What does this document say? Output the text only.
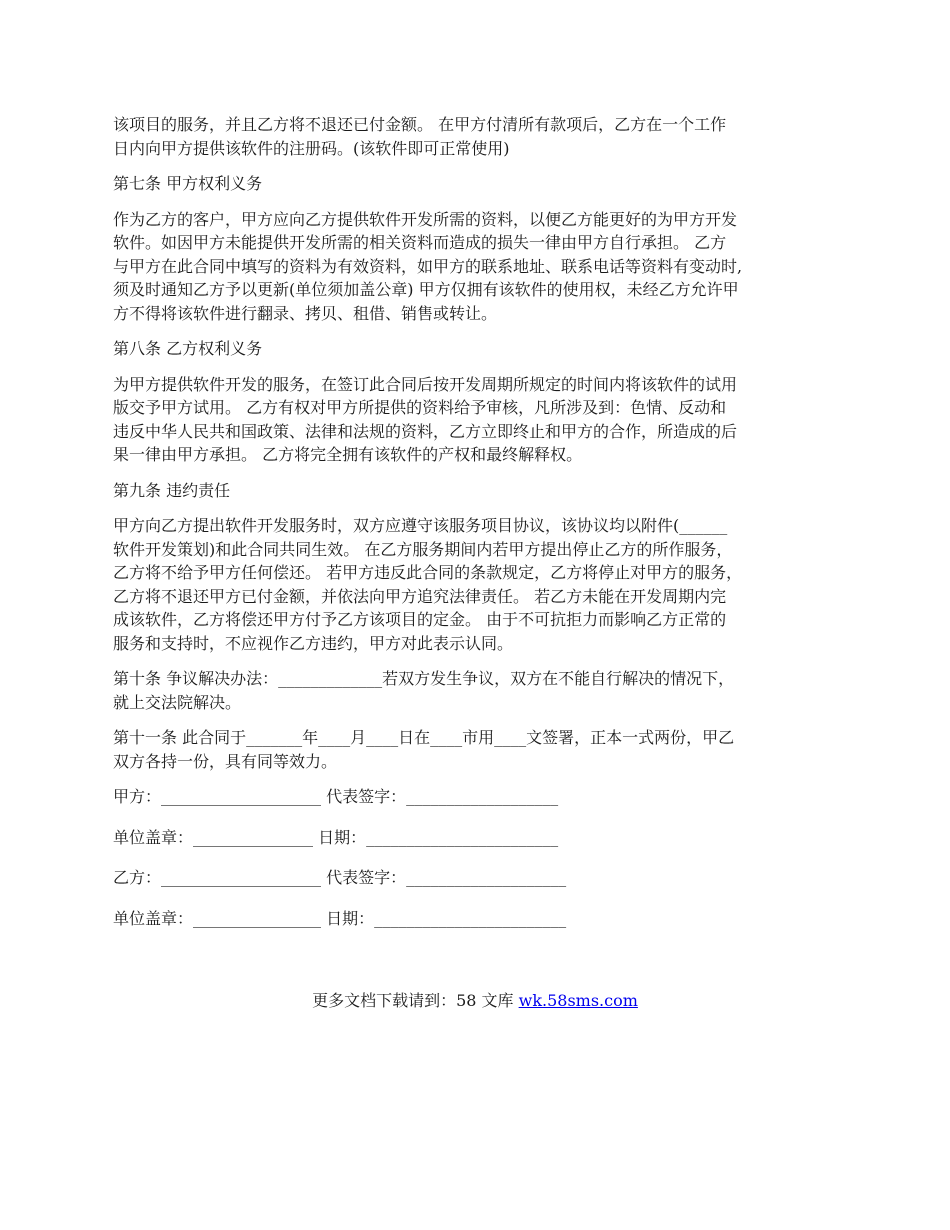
该项目的服务，并且乙方将不退还已付金额。 在甲方付清所有款项后，乙方在一个工作
日内向甲方提供该软件的注册码。(该软件即可正常使用)
第七条 甲方权利义务
作为乙方的客户，甲方应向乙方提供软件开发所需的资料，以便乙方能更好的为甲方开发
软件。如因甲方未能提供开发所需的相关资料而造成的损失一律由甲方自行承担。 乙方
与甲方在此合同中填写的资料为有效资料，如甲方的联系地址、联系电话等资料有变动时,
须及时通知乙方予以更新(单位须加盖公章) 甲方仅拥有该软件的使用权，未经乙方允许甲
方不得将该软件进行翻录、拷贝、租借、销售或转让。
第八条 乙方权利义务
为甲方提供软件开发的服务，在签订此合同后按开发周期所规定的时间内将该软件的试用
版交予甲方试用。 乙方有权对甲方所提供的资料给予审核，凡所涉及到：色情、反动和
违反中华人民共和国政策、法律和法规的资料，乙方立即终止和甲方的合作，所造成的后
果一律由甲方承担。 乙方将完全拥有该软件的产权和最终解释权。
第九条 违约责任
甲方向乙方提出软件开发服务时，双方应遵守该服务项目协议，该协议均以附件(______
软件开发策划)和此合同共同生效。 在乙方服务期间内若甲方提出停止乙方的所作服务，
乙方将不给予甲方任何偿还。 若甲方违反此合同的条款规定，乙方将停止对甲方的服务，
乙方将不退还甲方已付金额，并依法向甲方追究法律责任。 若乙方未能在开发周期内完
成该软件，乙方将偿还甲方付予乙方该项目的定金。 由于不可抗拒力而影响乙方正常的
服务和支持时，不应视作乙方违约，甲方对此表示认同。
第十条 争议解决办法：_____________若双方发生争议，双方在不能自行解决的情况下，
就上交法院解决。
第十一条 此合同于_______年____月____日在____市用____文签署，正本一式两份，甲乙
双方各持一份，具有同等效力。
甲方：____________________ 代表签字：___________________
单位盖章：_______________ 日期：________________________
乙方：____________________ 代表签字：____________________
单位盖章：________________ 日期：________________________
更多文档下载请到：58 文库 wk.58sms.com
